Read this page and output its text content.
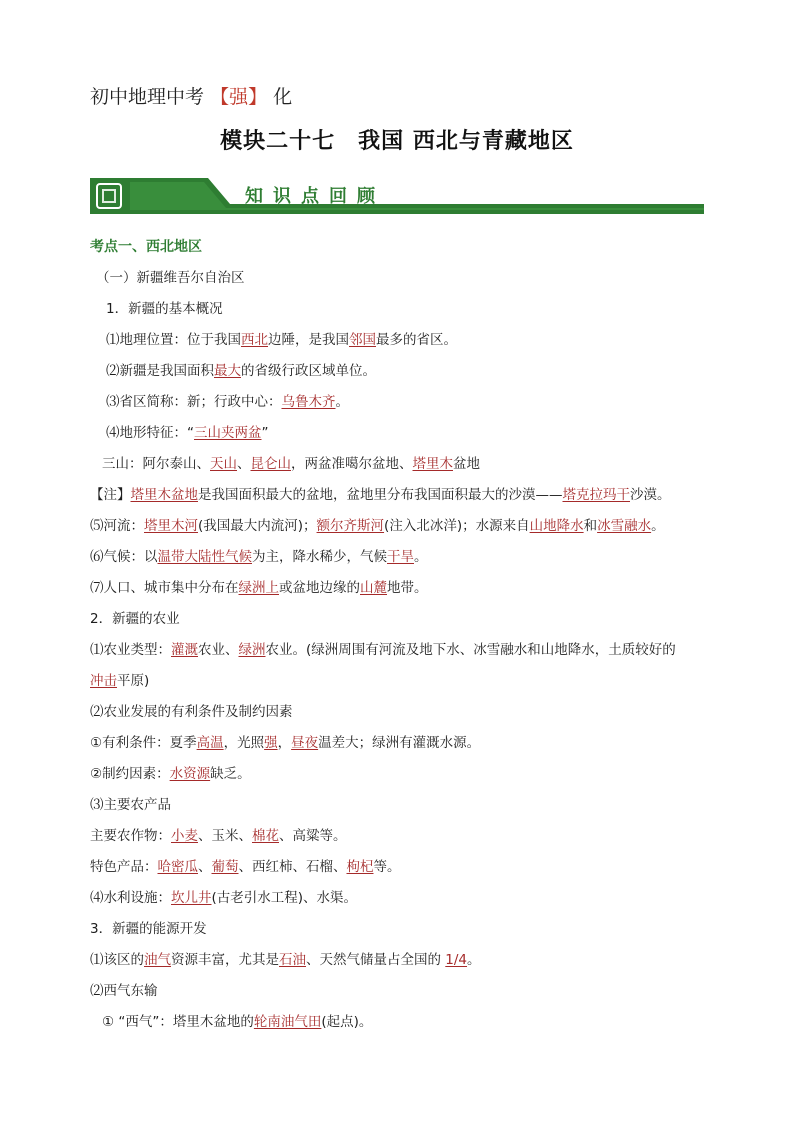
初中地理中考 【强】 化
模块二十七　我国 西北与青藏地区
知识点回顾
考点一、西北地区
（一）新疆维吾尔自治区
1．新疆的基本概况
⑴地理位置：位于我国西北边陲，是我国邻国最多的省区。
⑵新疆是我国面积最大的省级行政区域单位。
⑶省区简称：新；行政中心：乌鲁木齐。
⑷地形特征：“三山夹两盆”
三山：阿尔泰山、天山、昆仑山，两盆准噶尔盆地、塔里木盆地
【注】塔里木盆地是我国面积最大的盆地，盆地里分布我国面积最大的沙漠——塔克拉玛干沙漠。
⑸河流：塔里木河(我国最大内流河)；额尔齐斯河(注入北冰洋)；水源来自山地降水和冰雪融水。
⑹气候：以温带大陆性气候为主，降水稀少，气候干旱。
⑺人口、城市集中分布在绿洲上或盆地边缘的山麓地带。
2．新疆的农业
⑴农业类型：灌溉农业、绿洲农业。(绿洲周围有河流及地下水、冰雪融水和山地降水，土质较好的
冲击平原)
⑵农业发展的有利条件及制约因素
①有利条件：夏季高温，光照强，昼夜温差大；绿洲有灌溉水源。
②制约因素：水资源缺乏。
⑶主要农产品
主要农作物：小麦、玉米、棉花、高粱等。
特色产品：哈密瓜、葡萄、西红柿、石榴、枸杞等。
⑷水利设施：坎儿井(古老引水工程)、水渠。
3．新疆的能源开发
⑴该区的油气资源丰富，尤其是石油、天然气储量占全国的 1/4。
⑵西气东输
① “西气”：塔里木盆地的轮南油气田(起点)。
